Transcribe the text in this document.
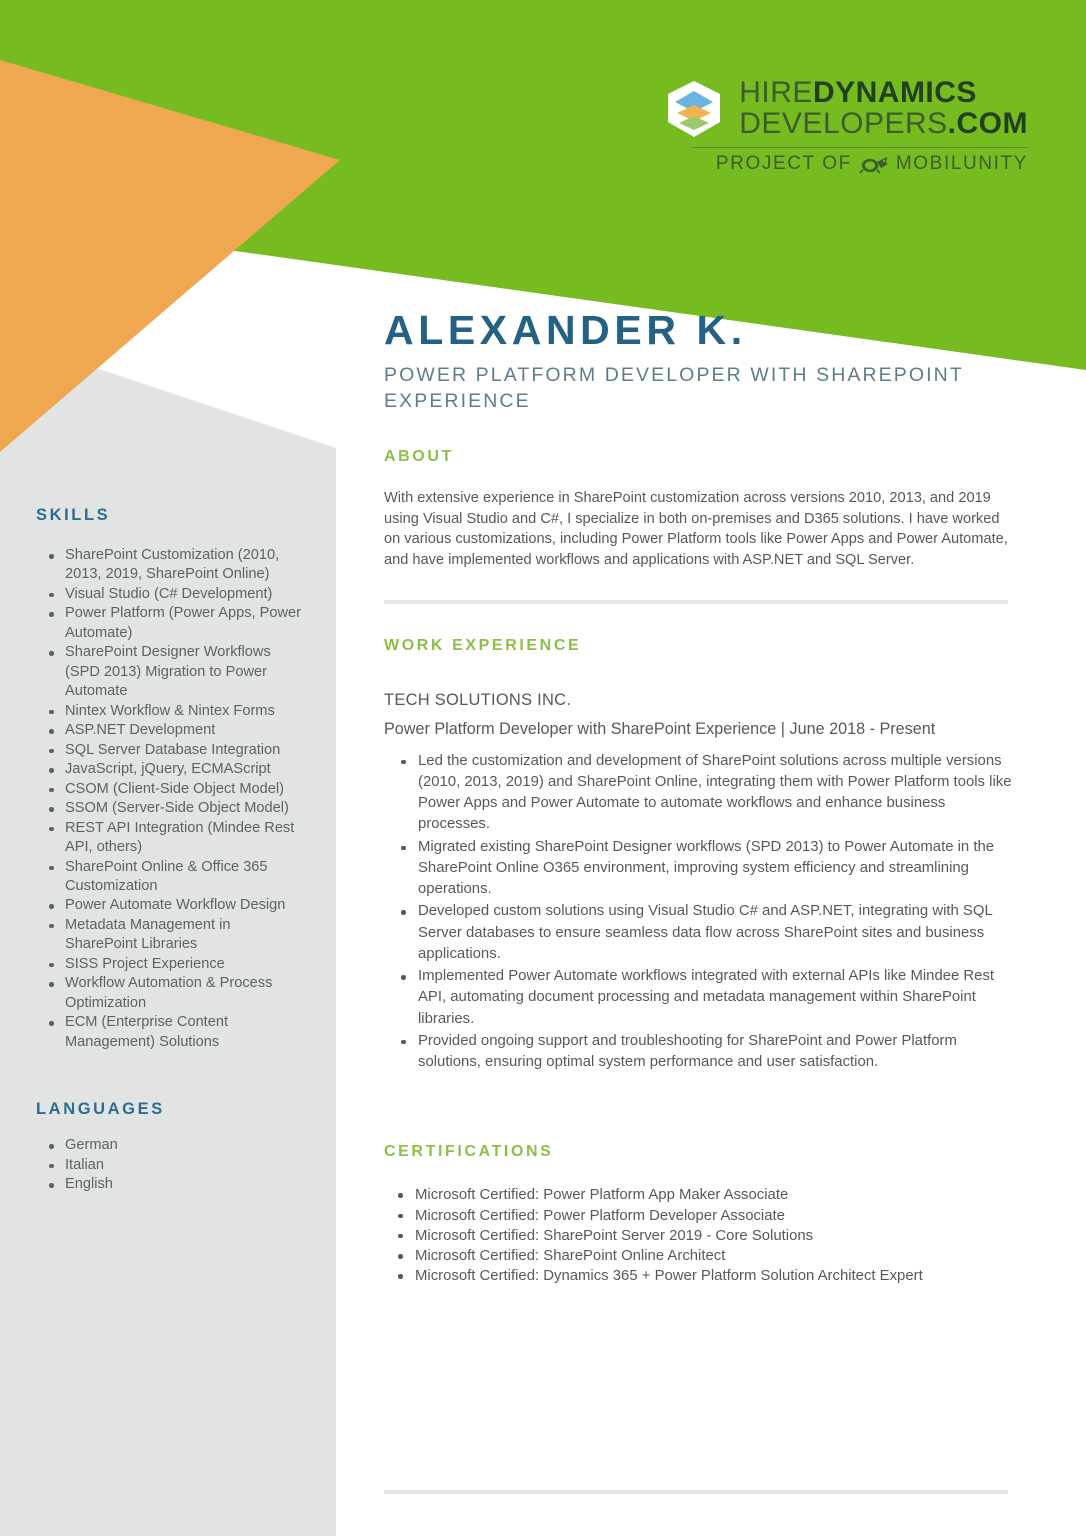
HIREDYNAMICS
DEVELOPERS.COM
PROJECT OF MOBILUNITY
ALEXANDER K.
POWER PLATFORM DEVELOPER WITH SHAREPOINT EXPERIENCE
ABOUT

With extensive experience in SharePoint customization across versions 2010, 2013, and 2019 using Visual Studio and C#, I specialize in both on-premises and D365 solutions. I have worked on various customizations, including Power Platform tools like Power Apps and Power Automate, and have implemented workflows and applications with ASP.NET and SQL Server.

WORK EXPERIENCE
TECH SOLUTIONS INC.
Power Platform Developer with SharePoint Experience | June 2018 - Present
Led the customization and development of SharePoint solutions across multiple versions (2010, 2013, 2019) and SharePoint Online, integrating them with Power Platform tools like Power Apps and Power Automate to automate workflows and enhance business processes.
Migrated existing SharePoint Designer workflows (SPD 2013) to Power Automate in the SharePoint Online O365 environment, improving system efficiency and streamlining operations.
Developed custom solutions using Visual Studio C# and ASP.NET, integrating with SQL Server databases to ensure seamless data flow across SharePoint sites and business applications.
Implemented Power Automate workflows integrated with external APIs like Mindee Rest API, automating document processing and metadata management within SharePoint libraries.
Provided ongoing support and troubleshooting for SharePoint and Power Platform solutions, ensuring optimal system performance and user satisfaction.
CERTIFICATIONS
Microsoft Certified: Power Platform App Maker Associate
Microsoft Certified: Power Platform Developer Associate
Microsoft Certified: SharePoint Server 2019 - Core Solutions
Microsoft Certified: SharePoint Online Architect
Microsoft Certified: Dynamics 365 + Power Platform Solution Architect Expert
SKILLS
SharePoint Customization (2010, 2013, 2019, SharePoint Online)
Visual Studio (C# Development)
Power Platform (Power Apps, Power Automate)
SharePoint Designer Workflows (SPD 2013) Migration to Power Automate
Nintex Workflow & Nintex Forms
ASP.NET Development
SQL Server Database Integration
JavaScript, jQuery, ECMAScript
CSOM (Client-Side Object Model)
SSOM (Server-Side Object Model)
REST API Integration (Mindee Rest API, others)
SharePoint Online & Office 365 Customization
Power Automate Workflow Design
Metadata Management in SharePoint Libraries
SISS Project Experience
Workflow Automation & Process Optimization
ECM (Enterprise Content Management) Solutions
LANGUAGES
German
Italian
English
